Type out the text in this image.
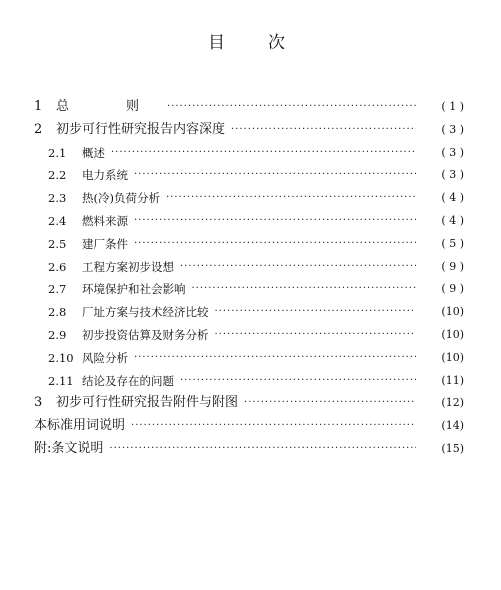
目	次
1	总　则 ·····	( 1 )
2	初步可行性研究报告内容深度 ·····	( 3 )
2.1	概述 ·····	( 3 )
2.2	电力系统 ·····	( 3 )
2.3	热(冷)负荷分析 ·····	( 4 )
2.4	燃料来源 ·····	( 4 )
2.5	建厂条件 ·····	( 5 )
2.6	工程方案初步设想 ·····	( 9 )
2.7	环境保护和社会影响 ·····	( 9 )
2.8	厂址方案与技术经济比较 ·····	(10)
2.9	初步投资估算及财务分析 ·····	(10)
2.10 风险分析 ·····	(10)
2.11 结论及存在的问题 ·····	(11)
3	初步可行性研究报告附件与附图 ·····	(12)
本标准用词说明 ·····	(14)
附:条文说明 ·····	(15)
